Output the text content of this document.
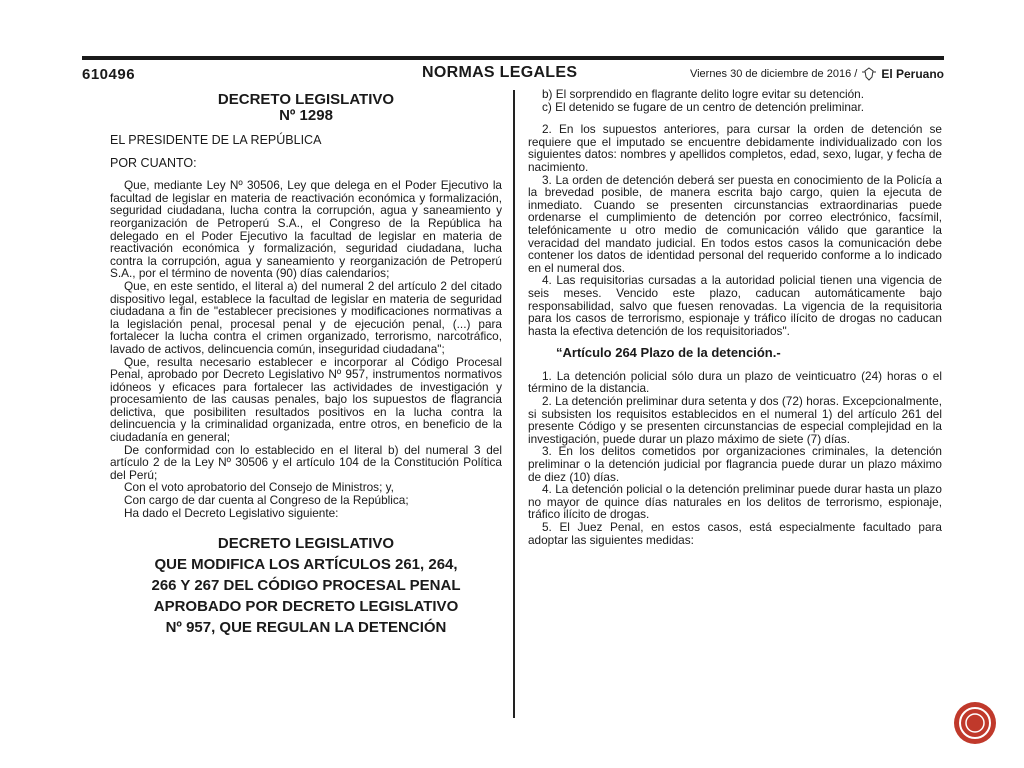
610496	NORMAS LEGALES	Viernes 30 de diciembre de 2016 / El Peruano
DECRETO LEGISLATIVO
Nº 1298

EL PRESIDENTE DE LA REPÚBLICA

POR CUANTO:

Que, mediante Ley Nº 30506, Ley que delega en el Poder Ejecutivo la facultad de legislar en materia de reactivación económica y formalización, seguridad ciudadana, lucha contra la corrupción, agua y saneamiento y reorganización de Petroperú S.A., el Congreso de la República ha delegado en el Poder Ejecutivo la facultad de legislar en materia de reactivación económica y formalización, seguridad ciudadana, lucha contra la corrupción, agua y saneamiento y reorganización de Petroperú S.A., por el término de noventa (90) días calendarios;

Que, en este sentido, el literal a) del numeral 2 del artículo 2 del citado dispositivo legal, establece la facultad de legislar en materia de seguridad ciudadana a fin de "establecer precisiones y modificaciones normativas a la legislación penal, procesal penal y de ejecución penal, (...) para fortalecer la lucha contra el crimen organizado, terrorismo, narcotráfico, lavado de activos, delincuencia común, inseguridad ciudadana";

Que, resulta necesario establecer e incorporar al Código Procesal Penal, aprobado por Decreto Legislativo Nº 957, instrumentos normativos idóneos y eficaces para fortalecer las actividades de investigación y procesamiento de las causas penales, bajo los supuestos de flagrancia delictiva, que posibiliten resultados positivos en la lucha contra la delincuencia y la criminalidad organizada, entre otros, en beneficio de la ciudadanía en general;

De conformidad con lo establecido en el literal b) del numeral 3 del artículo 2 de la Ley Nº 30506 y el artículo 104 de la Constitución Política del Perú;

Con el voto aprobatorio del Consejo de Ministros; y,

Con cargo de dar cuenta al Congreso de la República;

Ha dado el Decreto Legislativo siguiente:

DECRETO LEGISLATIVO
QUE MODIFICA LOS ARTÍCULOS 261, 264,
266 Y 267 DEL CÓDIGO PROCESAL PENAL
APROBADO POR DECRETO LEGISLATIVO
Nº 957, QUE REGULAN LA DETENCIÓN

b) El sorprendido en flagrante delito logre evitar su detención.

c) El detenido se fugare de un centro de detención preliminar.

2. En los supuestos anteriores, para cursar la orden de detención se requiere que el imputado se encuentre debidamente individualizado con los siguientes datos: nombres y apellidos completos, edad, sexo, lugar, y fecha de nacimiento.

3. La orden de detención deberá ser puesta en conocimiento de la Policía a la brevedad posible, de manera escrita bajo cargo, quien la ejecuta de inmediato. Cuando se presenten circunstancias extraordinarias puede ordenarse el cumplimiento de detención por correo electrónico, facsímil, telefónicamente u otro medio de comunicación válido que garantice la veracidad del mandato judicial. En todos estos casos la comunicación debe contener los datos de identidad personal del requerido conforme a lo indicado en el numeral dos.

4. Las requisitorias cursadas a la autoridad policial tienen una vigencia de seis meses. Vencido este plazo, caducan automáticamente bajo responsabilidad, salvo que fuesen renovadas. La vigencia de la requisitoria para los casos de terrorismo, espionaje y tráfico ilícito de drogas no caducan hasta la efectiva detención de los requisitoriados".

“Artículo 264 Plazo de la detención.-

1. La detención policial sólo dura un plazo de veinticuatro (24) horas o el término de la distancia.

2. La detención preliminar dura setenta y dos (72) horas. Excepcionalmente, si subsisten los requisitos establecidos en el numeral 1) del artículo 261 del presente Código y se presenten circunstancias de especial complejidad en la investigación, puede durar un plazo máximo de siete (7) días.

3. En los delitos cometidos por organizaciones criminales, la detención preliminar o la detención judicial por flagrancia puede durar un plazo máximo de diez (10) días.

4. La detención policial o la detención preliminar puede durar hasta un plazo no mayor de quince días naturales en los delitos de terrorismo, espionaje, tráfico ilícito de drogas.

5. El Juez Penal, en estos casos, está especialmente facultado para adoptar las siguientes medidas:
